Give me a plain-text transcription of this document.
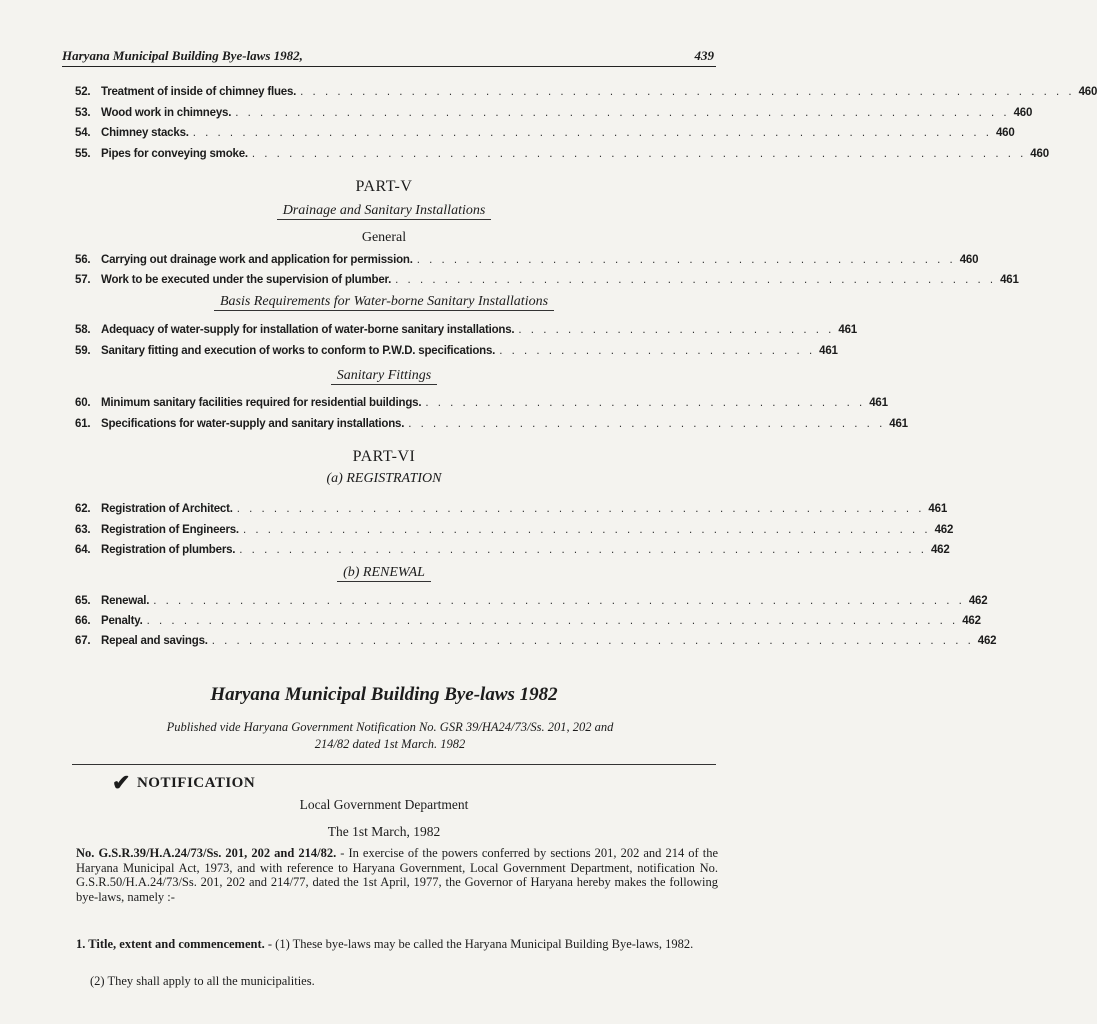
Haryana Municipal Building Bye-laws 1982,	439
52. Treatment of inside of chimney flues. . . . . . . . . . . . . . . . . . . . . . . . . . . . . . . . . . . . . . . . . . . . . . . . . . . . . . . . . . . . . . . . 460
53. Wood work in chimneys. . . . . . . . . . . . . . . . . . . . . . . . . . . . . . . . . . . . . . . . . . . . . . . . . . . . . . . . . . . . . . . . 460
54. Chimney stacks. . . . . . . . . . . . . . . . . . . . . . . . . . . . . . . . . . . . . . . . . . . . . . . . . . . . . . . . . . . . . . . . . . 460
55. Pipes for conveying smoke. . . . . . . . . . . . . . . . . . . . . . . . . . . . . . . . . . . . . . . . . . . . . . . . . . . . . . . . . . . . . . . . 460
PART-V
Drainage and Sanitary Installations
General
56. Carrying out drainage work and application for permission. . . . . . . . . . . . . . . . . . . . . . . . . . . . . . . . . . . . . . . . . . . . . 460
57. Work to be executed under the supervision of plumber. . . . . . . . . . . . . . . . . . . . . . . . . . . . . . . . . . . . . . . . . . . . . . . . . . 461
Basis Requirements for Water-borne Sanitary Installations
58. Adequacy of water-supply for installation of water-borne sanitary installations. . . . . . . . . . . . . . . . . . . . . . . . . . . 461
59. Sanitary fitting and execution of works to conform to P.W.D. specifications. . . . . . . . . . . . . . . . . . . . . . . . . . . 461
Sanitary Fittings
60. Minimum sanitary facilities required for residential buildings. . . . . . . . . . . . . . . . . . . . . . . . . . . . . . . . . . . . . 461
61. Specifications for water-supply and sanitary installations. . . . . . . . . . . . . . . . . . . . . . . . . . . . . . . . . . . . . . . . 461
PART-VI
(a) REGISTRATION
62. Registration of Architect. . . . . . . . . . . . . . . . . . . . . . . . . . . . . . . . . . . . . . . . . . . . . . . . . . . . . . . . . 461
63. Registration of Engineers. . . . . . . . . . . . . . . . . . . . . . . . . . . . . . . . . . . . . . . . . . . . . . . . . . . . . . . . . 462
64. Registration of plumbers. . . . . . . . . . . . . . . . . . . . . . . . . . . . . . . . . . . . . . . . . . . . . . . . . . . . . . . . . 462
(b) RENEWAL
65. Renewal. . . . . . . . . . . . . . . . . . . . . . . . . . . . . . . . . . . . . . . . . . . . . . . . . . . . . . . . . . . . . . . . . . . 462
66. Penalty. . . . . . . . . . . . . . . . . . . . . . . . . . . . . . . . . . . . . . . . . . . . . . . . . . . . . . . . . . . . . . . . . . . 462
67. Repeal and savings. . . . . . . . . . . . . . . . . . . . . . . . . . . . . . . . . . . . . . . . . . . . . . . . . . . . . . . . . . . . . . . 462
Haryana Municipal Building Bye-laws 1982
Published vide Haryana Government Notification No. GSR 39/HA24/73/Ss. 201, 202 and
214/82 dated 1st March. 1982
✔ NOTIFICATION
Local Government Department
The 1st March, 1982
No. G.S.R.39/H.A.24/73/Ss. 201, 202 and 214/82. - In exercise of the powers conferred by sections 201, 202 and 214 of the Haryana Municipal Act, 1973, and with reference to Haryana Government, Local Government Department, notification No. G.S.R.50/H.A.24/73/Ss. 201, 202 and 214/77, dated the 1st April, 1977, the Governor of Haryana hereby makes the following bye-laws, namely :-
1. Title, extent and commencement. - (1) These bye-laws may be called the Haryana Municipal Building Bye-laws, 1982.
(2) They shall apply to all the municipalities.
